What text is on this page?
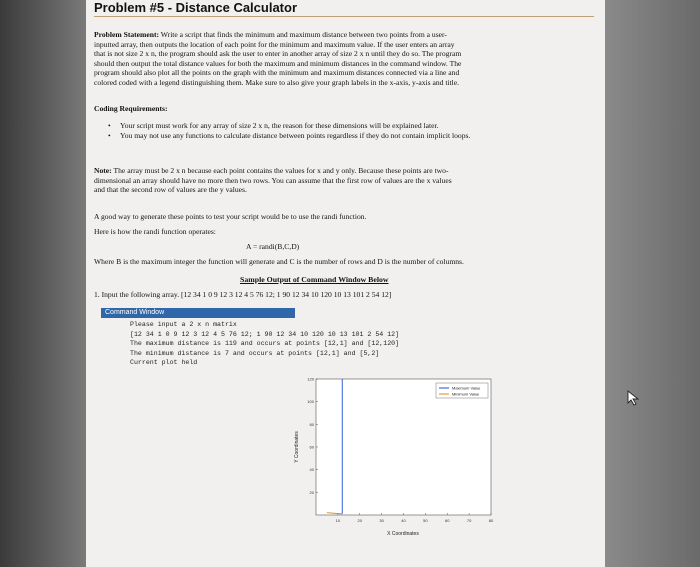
Problem #5 - Distance Calculator
Problem Statement: Write a script that finds the minimum and maximum distance between two points from a user-
inputted array, then outputs the location of each point for the minimum and maximum value. If the user enters an array
that is not size 2 x n, the program should ask the user to enter in another array of size 2 x n until they do so. The program
should then output the total distance values for both the maximum and minimum distances in the command window. The
program should also plot all the points on the graph with the minimum and maximum distances connected via a line and
colored coded with a legend distinguishing them. Make sure to also give your graph labels in the x-axis, y-axis and title.
Coding Requirements:
• Your script must work for any array of size 2 x n, the reason for these dimensions will be explained later.
• You may not use any functions to calculate distance between points regardless if they do not contain implicit loops.
Note: The array must be 2 x n because each point contains the values for x and y only. Because these points are two-
dimensional an array should have no more then two rows. You can assume that the first row of values are the x values
and that the second row of values are the y values.
A good way to generate these points to test your script would be to use the randi function.
Here is how the randi function operates:
A = randi(B,C,D)
Where B is the maximum integer the function will generate and C is the number of rows and D is the number of columns.
Sample Output of Command Window Below
1. Input the following array. [12 34 1 0 9 12 3 12 4 5 76 12; 1 90 12 34 10 120 10 13 101 2 54 12]
Command Window
Please input a 2 x n matrix
[12 34 1 0 9 12 3 12 4 5 76 12; 1 90 12 34 10 120 10 13 101 2 54 12]
The maximum distance is 119 and occurs at points [12,1] and [12,120]
The minimum distance is 7 and occurs at points [12,1] and [5,2]
Current plot held
10	20	30	40	50	60	70	80
120
100
80
60
40
20
X Coordinates
Y Coordinates
Maximum Value
Minimum Value
